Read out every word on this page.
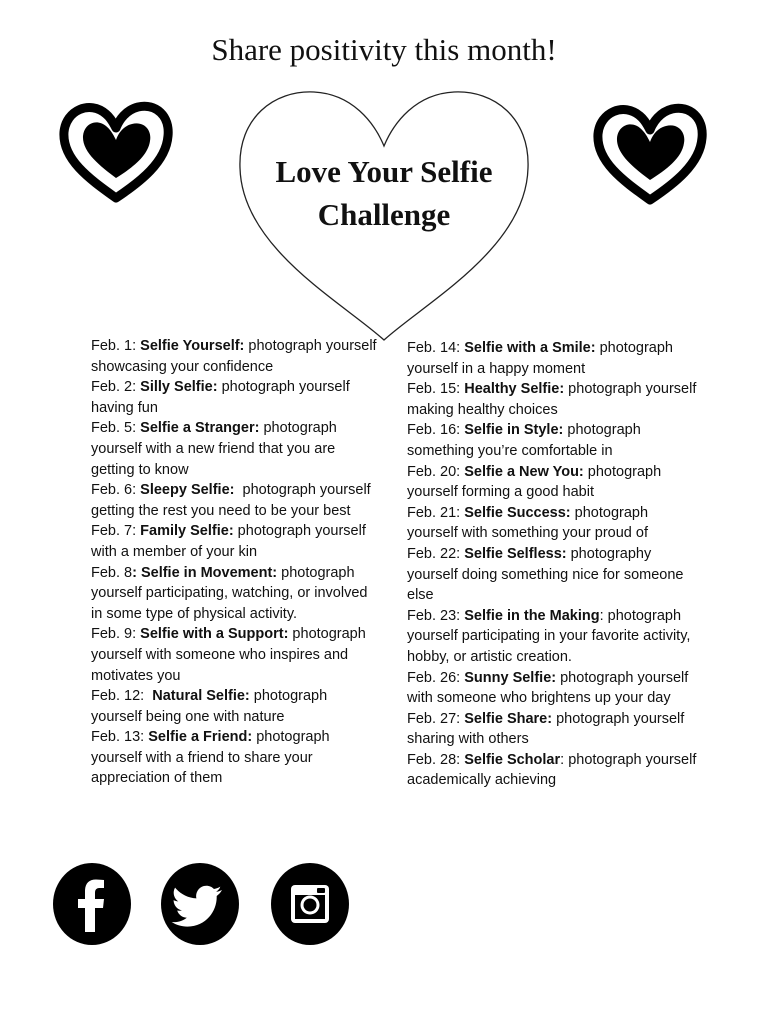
Share positivity this month!
Love Your Selfie
Challenge
Feb. 1: Selfie Yourself: photograph yourself showcasing your confidence
Feb. 2: Silly Selfie: photograph yourself having fun
Feb. 5: Selfie a Stranger: photograph yourself with a new friend that you are getting to know
Feb. 6: Sleepy Selfie:  photograph yourself getting the rest you need to be your best
Feb. 7: Family Selfie: photograph yourself with a member of your kin
Feb. 8: Selfie in Movement: photograph yourself participating, watching, or involved in some type of physical activity.
Feb. 9: Selfie with a Support: photograph yourself with someone who inspires and motivates you
Feb. 12:  Natural Selfie: photograph yourself being one with nature
Feb. 13: Selfie a Friend: photograph yourself with a friend to share your appreciation of them
Feb. 14: Selfie with a Smile: photograph yourself in a happy moment
Feb. 15: Healthy Selfie: photograph yourself making healthy choices
Feb. 16: Selfie in Style: photograph something you’re comfortable in
Feb. 20: Selfie a New You: photograph yourself forming a good habit
Feb. 21: Selfie Success: photograph yourself with something your proud of
Feb. 22: Selfie Selfless: photography yourself doing something nice for someone else
Feb. 23: Selfie in the Making: photograph yourself participating in your favorite activity, hobby, or artistic creation.
Feb. 26: Sunny Selfie: photograph yourself with someone who brightens up your day
Feb. 27: Selfie Share: photograph yourself sharing with others
Feb. 28: Selfie Scholar: photograph yourself academically achieving
